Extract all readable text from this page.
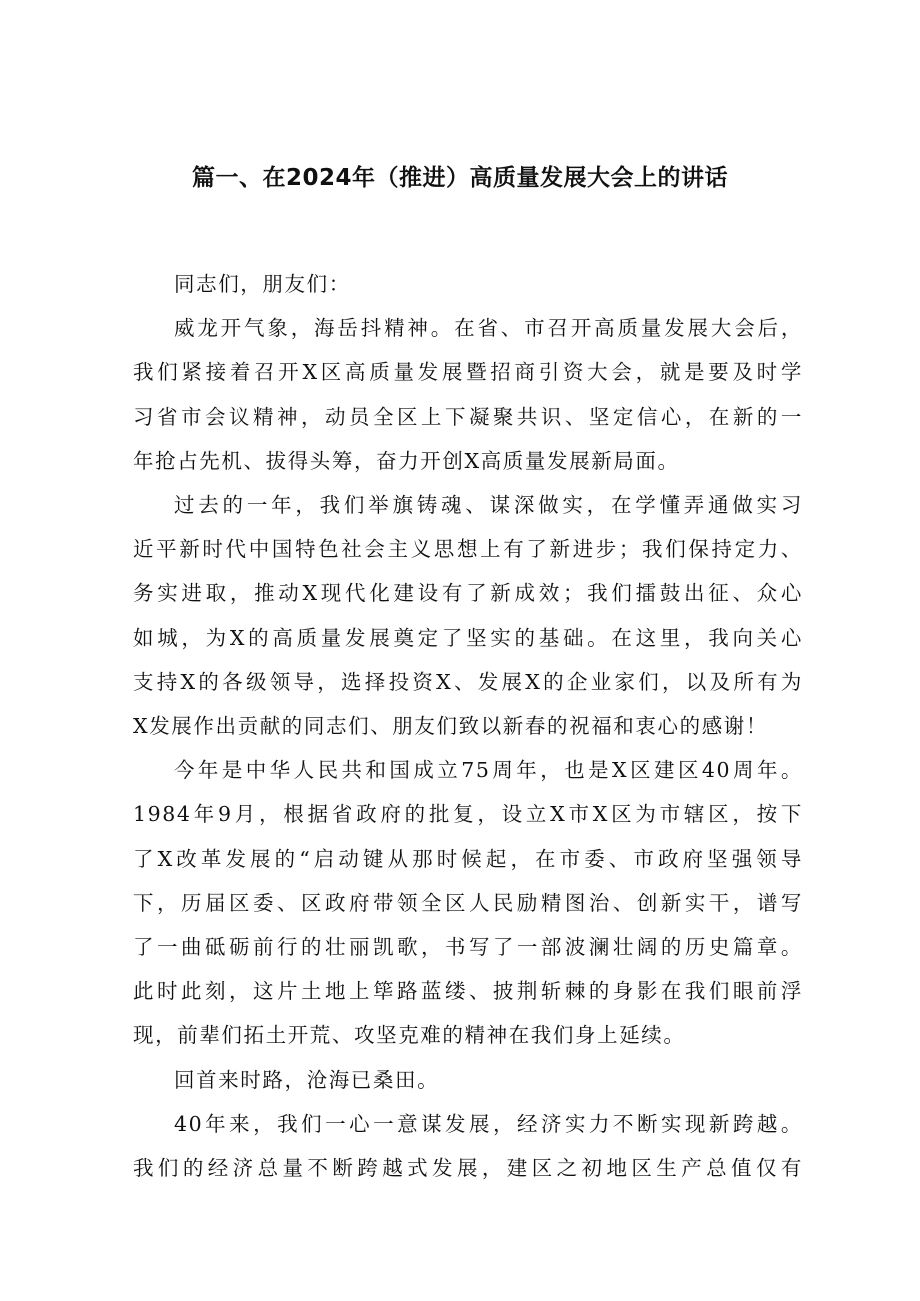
篇一、在2024年（推进）高质量发展大会上的讲话

同志们，朋友们：

威龙开气象，海岳抖精神。在省、市召开高质量发展大会后，
我们紧接着召开X区高质量发展暨招商引资大会，就是要及时学
习省市会议精神，动员全区上下凝聚共识、坚定信心，在新的一
年抢占先机、拔得头筹，奋力开创X高质量发展新局面。

过去的一年，我们举旗铸魂、谋深做实，在学懂弄通做实习
近平新时代中国特色社会主义思想上有了新进步；我们保持定力、
务实进取，推动X现代化建设有了新成效；我们擂鼓出征、众心
如城，为X的高质量发展奠定了坚实的基础。在这里，我向关心
支持X的各级领导，选择投资X、发展X的企业家们，以及所有为
X发展作出贡献的同志们、朋友们致以新春的祝福和衷心的感谢！

今年是中华人民共和国成立75周年，也是X区建区40周年。
1984年9月，根据省政府的批复，设立X市X区为市辖区，按下
了X改革发展的“启动键从那时候起，在市委、市政府坚强领导
下，历届区委、区政府带领全区人民励精图治、创新实干，谱写
了一曲砥砺前行的壮丽凯歌，书写了一部波澜壮阔的历史篇章。
此时此刻，这片土地上筚路蓝缕、披荆斩棘的身影在我们眼前浮
现，前辈们拓土开荒、攻坚克难的精神在我们身上延续。

回首来时路，沧海已桑田。

40年来，我们一心一意谋发展，经济实力不断实现新跨越。
我们的经济总量不断跨越式发展，建区之初地区生产总值仅有
